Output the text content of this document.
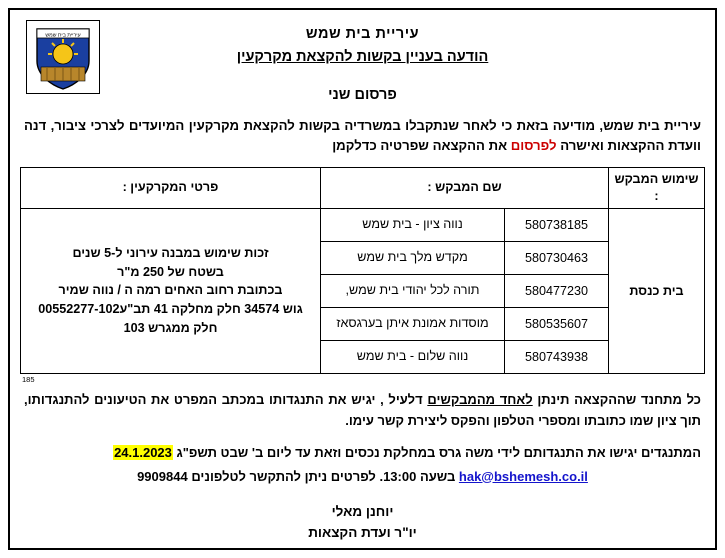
עיריית בית שמש	עיריית בית שמש
הודעה בעניין בקשות להקצאת מקרקעין
פרסום שני
עיריית בית שמש, מודיעה בזאת כי לאחר שנתקבלו במשרדיה בקשות להקצאת מקרקעין המיועדים לצרכי ציבור, דנה וועדת ההקצאות ואישרה לפרסום את ההקצאה שפרטיה כדלקמן
שימוש המבקש :	שם המבקש :		פרטי המקרקעין :
בית כנסת	580738185	נווה ציון - בית שמש	זכות שימוש במבנה עירוני ל-5 שנים
בשטח של 250 מ"ר
בכתובת רחוב האחים רמה ה / נווה שמיר
גוש 34574 חלק מחלקה 41 תב"ע00552277-102 חלק ממגרש 103

	580730463	מקדש מלך בית שמש	
	580477230	תורה לכל יהודי בית שמש,	
	580535607	מוסדות אמונת איתן בערגסאז	
	580743938	נווה שלום - בית שמש	
185
כל מתחנד שההקצאה תינתן לאחד מהמבקשים דלעיל , יגיש את התנגדותו במכתב המפרט את הטיעונים להתנגדותו, תוך ציון שמו כתובתו ומספרי הטלפון והפקס ליצירת קשר עימו.
המתנגדים יגישו את התנגדותם לידי משה גרס במחלקת נכסים וזאת עד ליום ב' שבט תשפ"ג 24.1.2023
hak@bshemesh.co.il בשעה 13:00. לפרטים ניתן להתקשר לטלפונים 9909844
יוחנן מאלי
יו"ר ועדת הקצאות
